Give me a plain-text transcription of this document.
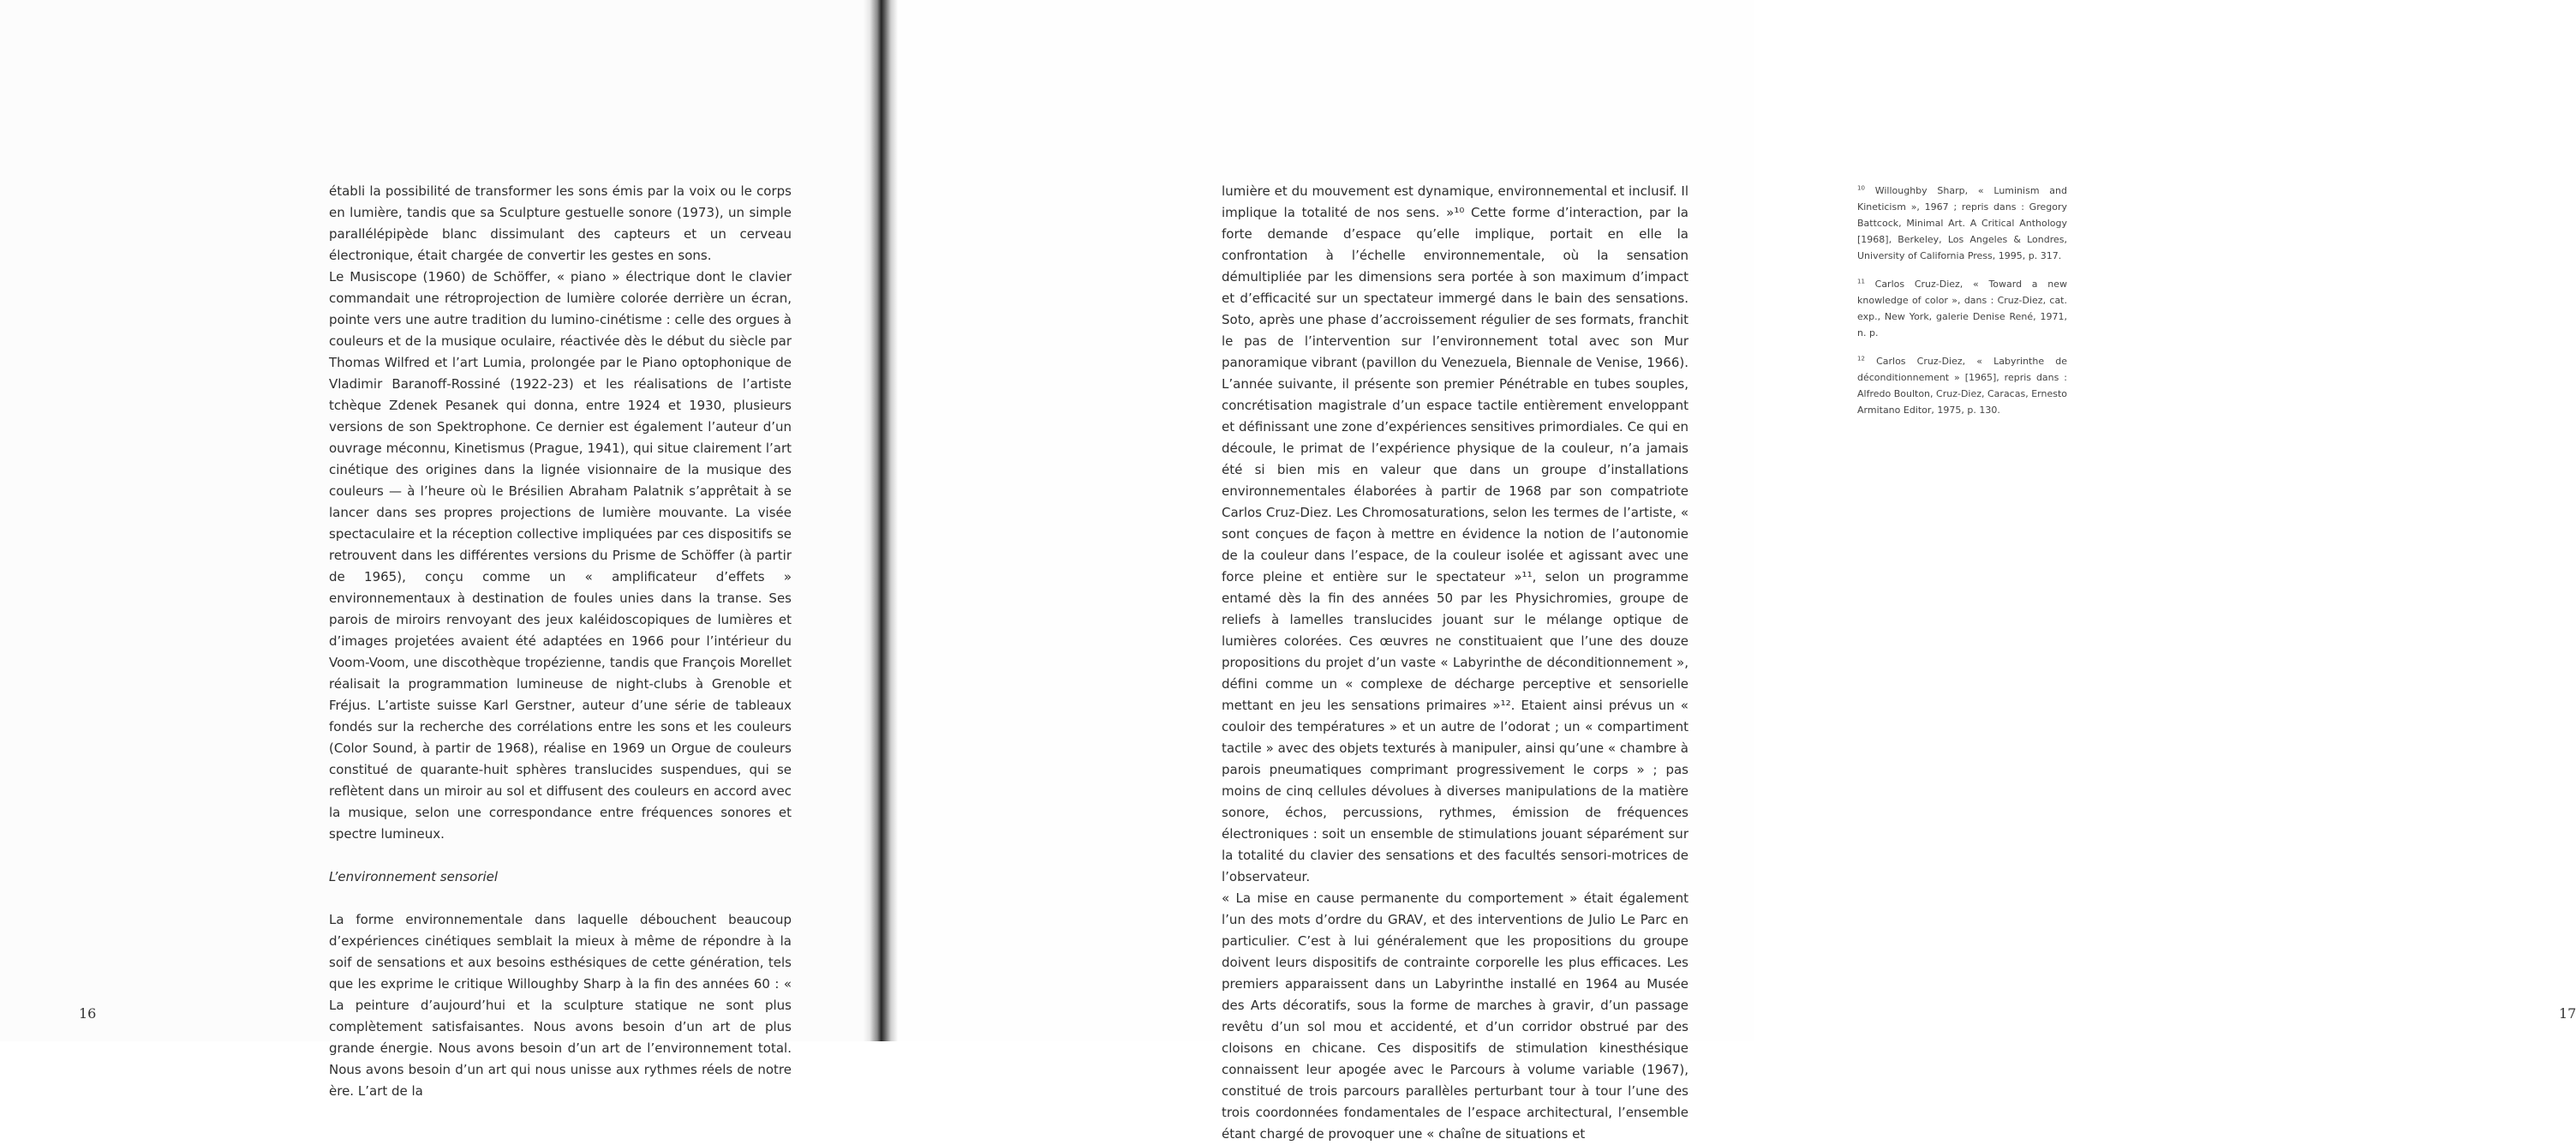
établi la possibilité de transformer les sons émis par la voix ou le corps en lumière, tandis que sa Sculpture gestuelle sonore (1973), un simple parallélépipède blanc dissimulant des capteurs et un cerveau électronique, était chargée de convertir les gestes en sons.

Le Musiscope (1960) de Schöffer, « piano » électrique dont le clavier commandait une rétroprojection de lumière colorée derrière un écran, pointe vers une autre tradition du lumino-cinétisme : celle des orgues à couleurs et de la musique oculaire, réactivée dès le début du siècle par Thomas Wilfred et l’art Lumia, prolongée par le Piano optophonique de Vladimir Baranoff-Rossiné (1922-23) et les réalisations de l’artiste tchèque Zdenek Pesanek qui donna, entre 1924 et 1930, plusieurs versions de son Spektrophone. Ce dernier est également l’auteur d’un ouvrage méconnu, Kinetismus (Prague, 1941), qui situe clairement l’art cinétique des origines dans la lignée visionnaire de la musique des couleurs — à l’heure où le Brésilien Abraham Palatnik s’apprêtait à se lancer dans ses propres projections de lumière mouvante. La visée spectaculaire et la réception collective impliquées par ces dispositifs se retrouvent dans les différentes versions du Prisme de Schöffer (à partir de 1965), conçu comme un « amplificateur d’effets » environnementaux à destination de foules unies dans la transe. Ses parois de miroirs renvoyant des jeux kaléidoscopiques de lumières et d’images projetées avaient été adaptées en 1966 pour l’intérieur du Voom-Voom, une discothèque tropézienne, tandis que François Morellet réalisait la programmation lumineuse de night-clubs à Grenoble et Fréjus. L’artiste suisse Karl Gerstner, auteur d’une série de tableaux fondés sur la recherche des corrélations entre les sons et les couleurs (Color Sound, à partir de 1968), réalise en 1969 un Orgue de couleurs constitué de quarante-huit sphères translucides suspendues, qui se reflètent dans un miroir au sol et diffusent des couleurs en accord avec la musique, selon une correspondance entre fréquences sonores et spectre lumineux.

L’environnement sensoriel

La forme environnementale dans laquelle débouchent beaucoup d’expériences cinétiques semblait la mieux à même de répondre à la soif de sensations et aux besoins esthésiques de cette génération, tels que les exprime le critique Willoughby Sharp à la fin des années 60 : « La peinture d’aujourd’hui et la sculpture statique ne sont plus complètement satisfaisantes. Nous avons besoin d’un art de plus grande énergie. Nous avons besoin d’un art de l’environnement total. Nous avons besoin d’un art qui nous unisse aux rythmes réels de notre ère. L’art de la

16

$^{10}$ Willoughby Sharp, « Luminism and Kineticism », 1967 ; repris dans : Gregory Battcock, Minimal Art. A Critical Anthology [1968], Berkeley, Los Angeles & Londres, University of California Press, 1995, p. 317.

$^{11}$ Carlos Cruz-Diez, « Toward a new knowledge of color », dans : Cruz-Diez, cat. exp., New York, galerie Denise René, 1971, n. p.

$^{12}$ Carlos Cruz-Diez, « Labyrinthe de déconditionnement » [1965], repris dans : Alfredo Boulton, Cruz-Diez, Caracas, Ernesto Armitano Editor, 1975, p. 130.

17

lumière et du mouvement est dynamique, environnemental et inclusif. Il implique la totalité de nos sens. »¹⁰ Cette forme d’interaction, par la forte demande d’espace qu’elle implique, portait en elle la confrontation à l’échelle environnementale, où la sensation démultipliée par les dimensions sera portée à son maximum d’impact et d’efficacité sur un spectateur immergé dans le bain des sensations. Soto, après une phase d’accroissement régulier de ses formats, franchit le pas de l’intervention sur l’environnement total avec son Mur panoramique vibrant (pavillon du Venezuela, Biennale de Venise, 1966). L’année suivante, il présente son premier Pénétrable en tubes souples, concrétisation magistrale d’un espace tactile entièrement enveloppant et définissant une zone d’expériences sensitives primordiales. Ce qui en découle, le primat de l’expérience physique de la couleur, n’a jamais été si bien mis en valeur que dans un groupe d’installations environnementales élaborées à partir de 1968 par son compatriote Carlos Cruz-Diez. Les Chromosaturations, selon les termes de l’artiste, « sont conçues de façon à mettre en évidence la notion de l’autonomie de la couleur dans l’espace, de la couleur isolée et agissant avec une force pleine et entière sur le spectateur »¹¹, selon un programme entamé dès la fin des années 50 par les Physichromies, groupe de reliefs à lamelles translucides jouant sur le mélange optique de lumières colorées. Ces œuvres ne constituaient que l’une des douze propositions du projet d’un vaste « Labyrinthe de déconditionnement », défini comme un « complexe de décharge perceptive et sensorielle mettant en jeu les sensations primaires »¹². Etaient ainsi prévus un « couloir des températures » et un autre de l’odorat ; un « compartiment tactile » avec des objets texturés à manipuler, ainsi qu’une « chambre à parois pneumatiques comprimant progressivement le corps » ; pas moins de cinq cellules dévolues à diverses manipulations de la matière sonore, échos, percussions, rythmes, émission de fréquences électroniques : soit un ensemble de stimulations jouant séparément sur la totalité du clavier des sensations et des facultés sensori-motrices de l’observateur.

« La mise en cause permanente du comportement » était également l’un des mots d’ordre du GRAV, et des interventions de Julio Le Parc en particulier. C’est à lui généralement que les propositions du groupe doivent leurs dispositifs de contrainte corporelle les plus efficaces. Les premiers apparaissent dans un Labyrinthe installé en 1964 au Musée des Arts décoratifs, sous la forme de marches à gravir, d’un passage revêtu d’un sol mou et accidenté, et d’un corridor obstrué par des cloisons en chicane. Ces dispositifs de stimulation kinesthésique connaissent leur apogée avec le Parcours à volume variable (1967), constitué de trois parcours parallèles perturbant tour à tour l’une des trois coordonnées fondamentales de l’espace architectural, l’ensemble étant chargé de provoquer une « chaîne de situations et
